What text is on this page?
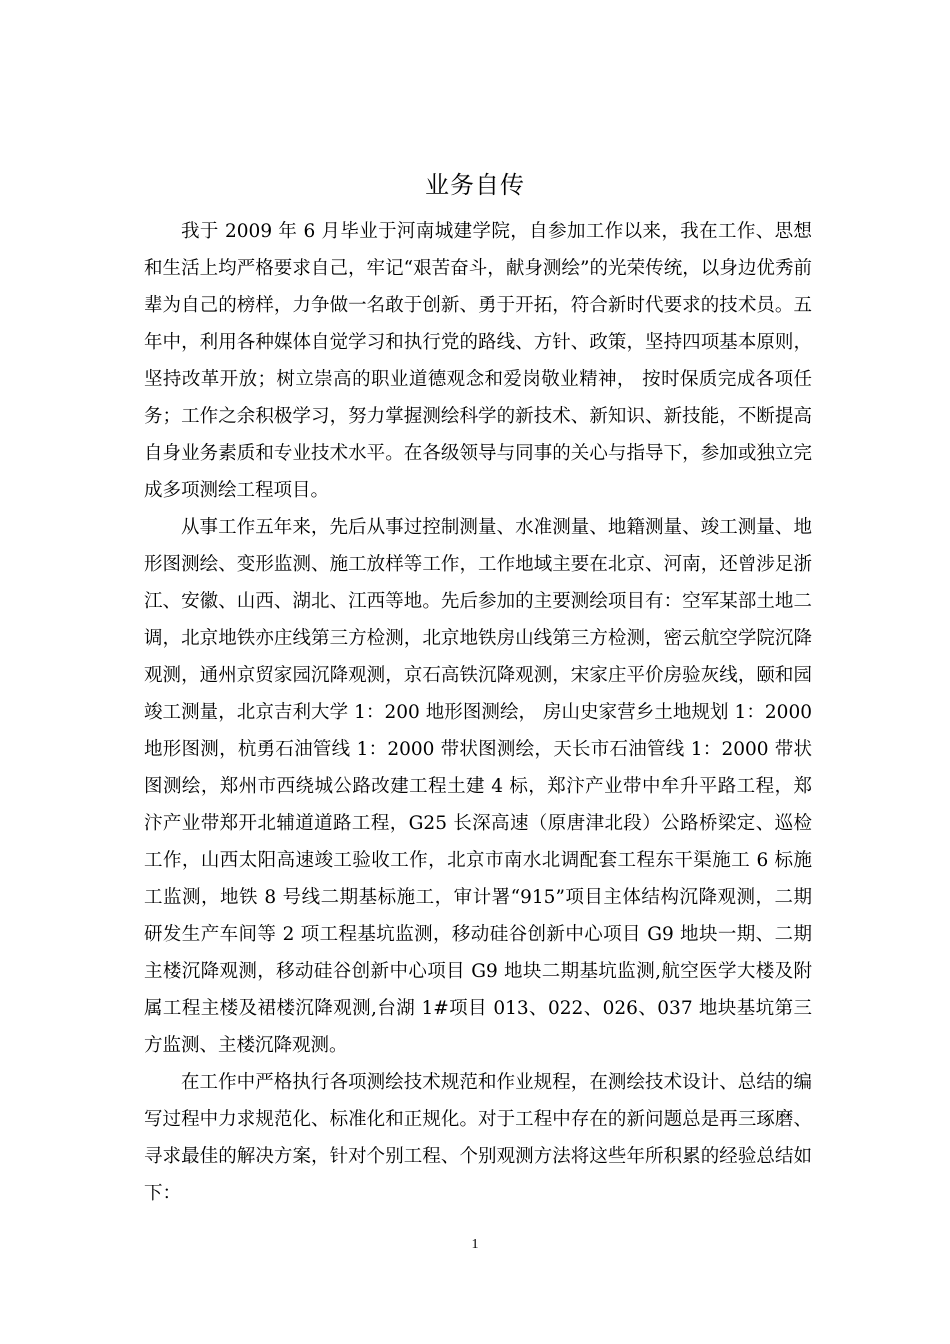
业务自传

我于 2009 年 6 月毕业于河南城建学院，自参加工作以来，我在工作、思想和生活上均严格要求自己，牢记“艰苦奋斗，献身测绘”的光荣传统，以身边优秀前辈为自己的榜样，力争做一名敢于创新、勇于开拓，符合新时代要求的技术员。五年中，利用各种媒体自觉学习和执行党的路线、方针、政策，坚持四项基本原则，坚持改革开放；树立崇高的职业道德观念和爱岗敬业精神， 按时保质完成各项任务；工作之余积极学习，努力掌握测绘科学的新技术、新知识、新技能，不断提高自身业务素质和专业技术水平。在各级领导与同事的关心与指导下，参加或独立完成多项测绘工程项目。

从事工作五年来，先后从事过控制测量、水准测量、地籍测量、竣工测量、地形图测绘、变形监测、施工放样等工作，工作地域主要在北京、河南，还曾涉足浙江、安徽、山西、湖北、江西等地。先后参加的主要测绘项目有：空军某部土地二调，北京地铁亦庄线第三方检测，北京地铁房山线第三方检测，密云航空学院沉降观测，通州京贸家园沉降观测，京石高铁沉降观测，宋家庄平价房验灰线，颐和园竣工测量，北京吉利大学 1：200 地形图测绘， 房山史家营乡土地规划 1：2000 地形图测，杭勇石油管线 1：2000 带状图测绘，天长市石油管线 1：2000 带状图测绘，郑州市西绕城公路改建工程土建 4 标，郑汴产业带中牟升平路工程，郑汴产业带郑开北辅道道路工程，G25 长深高速（原唐津北段）公路桥梁定、巡检工作，山西太阳高速竣工验收工作，北京市南水北调配套工程东干渠施工 6 标施工监测，地铁 8 号线二期基标施工，审计署“915”项目主体结构沉降观测，二期研发生产车间等 2 项工程基坑监测，移动硅谷创新中心项目 G9 地块一期、二期主楼沉降观测，移动硅谷创新中心项目 G9 地块二期基坑监测,航空医学大楼及附属工程主楼及裙楼沉降观测,台湖 1#项目 013、022、026、037 地块基坑第三方监测、主楼沉降观测。

在工作中严格执行各项测绘技术规范和作业规程，在测绘技术设计、总结的编写过程中力求规范化、标准化和正规化。对于工程中存在的新问题总是再三琢磨、寻求最佳的解决方案，针对个别工程、个别观测方法将这些年所积累的经验总结如下：

1
